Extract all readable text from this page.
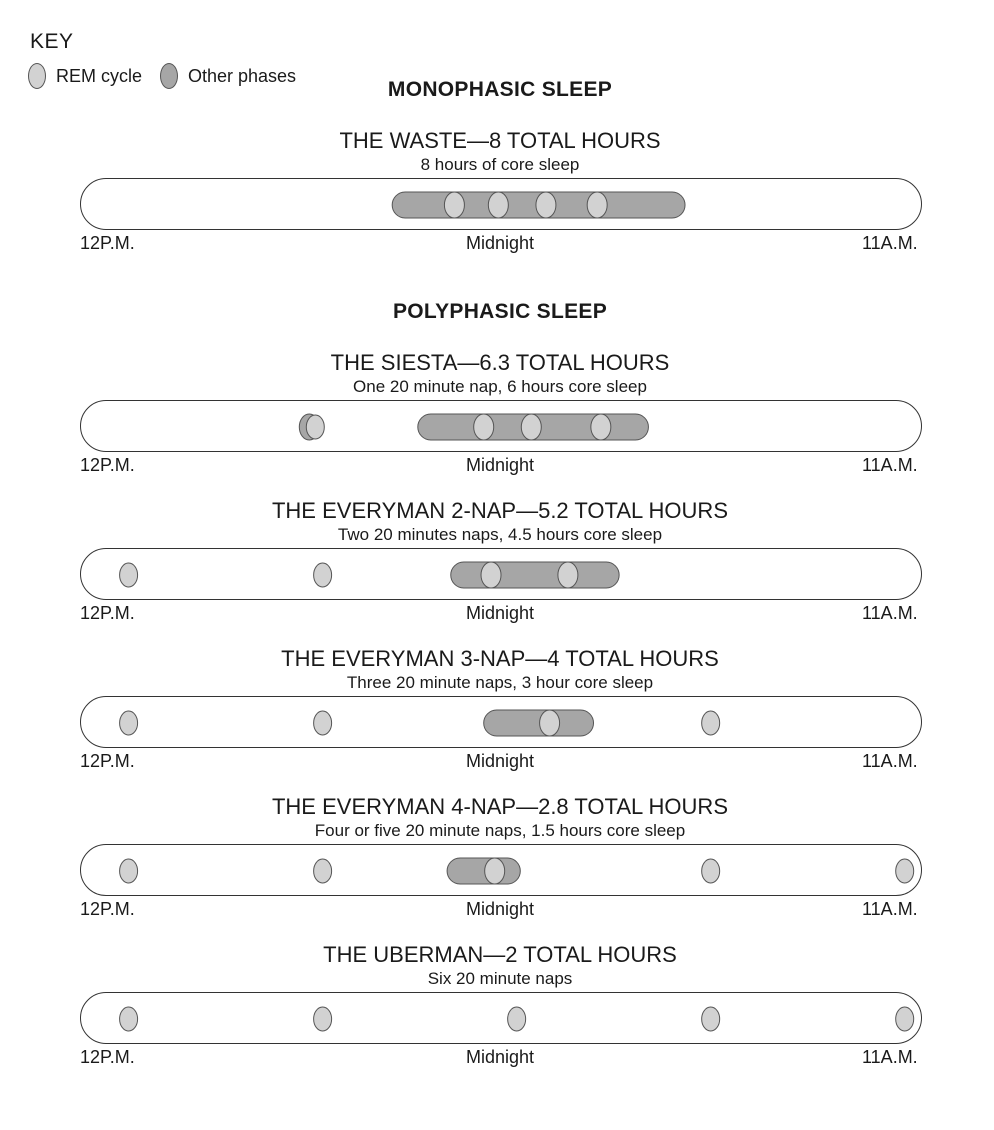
KEY
REM cycle	Other phases
MONOPHASIC SLEEP
POLYPHASIC SLEEP
THE WASTE—8 TOTAL HOURS
8 hours of core sleep
12P.M.	Midnight	11A.M.
THE SIESTA—6.3 TOTAL HOURS
One 20 minute nap, 6 hours core sleep
12P.M.	Midnight	11A.M.
THE EVERYMAN 2-NAP—5.2 TOTAL HOURS
Two 20 minutes naps, 4.5 hours core sleep
12P.M.	Midnight	11A.M.
THE EVERYMAN 3-NAP—4 TOTAL HOURS
Three 20 minute naps, 3 hour core sleep
12P.M.	Midnight	11A.M.
THE EVERYMAN 4-NAP—2.8 TOTAL HOURS
Four or five 20 minute naps, 1.5 hours core sleep
12P.M.	Midnight	11A.M.
THE UBERMAN—2 TOTAL HOURS
Six 20 minute naps
12P.M.	Midnight	11A.M.
